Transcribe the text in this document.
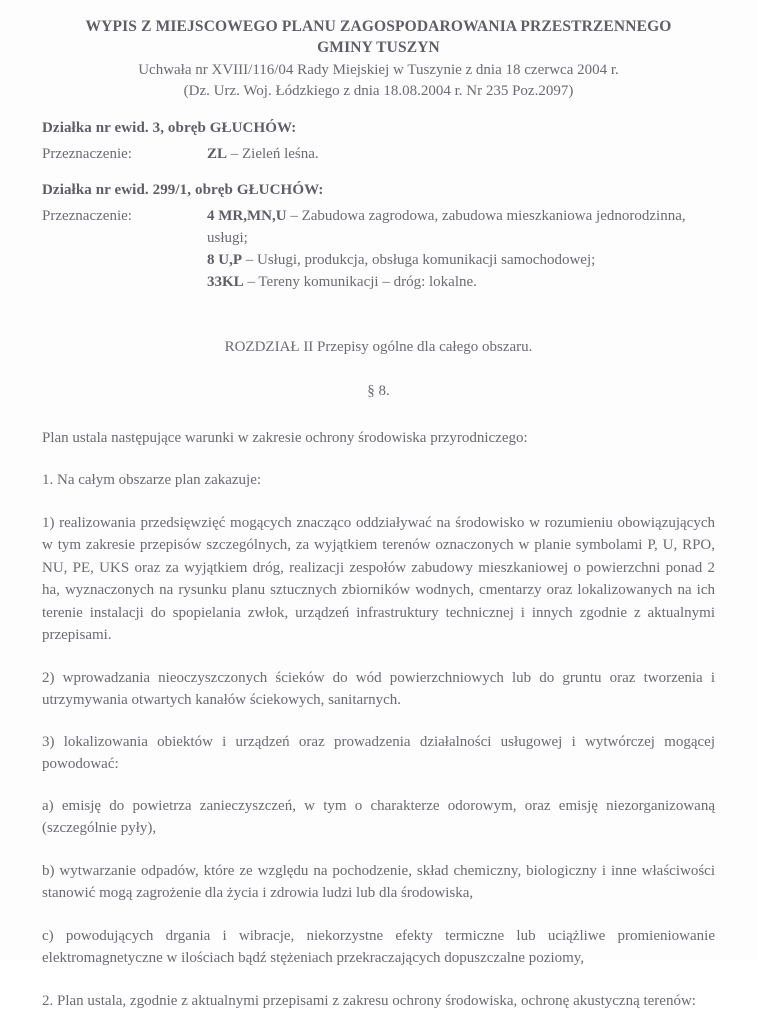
WYPIS Z MIEJSCOWEGO PLANU ZAGOSPODAROWANIA PRZESTRZENNEGO
GMINY TUSZYN
Uchwała nr XVIII/116/04 Rady Miejskiej w Tuszynie z dnia 18 czerwca 2004 r.
(Dz. Urz. Woj. Łódzkiego z dnia 18.08.2004 r. Nr 235 Poz.2097)
Działka nr ewid. 3, obręb GŁUCHÓW:
Przeznaczenie:	ZL – Zieleń leśna.
Działka nr ewid. 299/1, obręb GŁUCHÓW:
Przeznaczenie:	4 MR,MN,U – Zabudowa zagrodowa, zabudowa mieszkaniowa jednorodzinna, usługi;
8 U,P – Usługi, produkcja, obsługa komunikacji samochodowej;
33KL – Tereny komunikacji – dróg: lokalne.
ROZDZIAŁ II Przepisy ogólne dla całego obszaru.
§ 8.

Plan ustala następujące warunki w zakresie ochrony środowiska przyrodniczego:

1. Na całym obszarze plan zakazuje:

1) realizowania przedsięwzięć mogących znacząco oddziaływać na środowisko w rozumieniu obowiązujących w tym zakresie przepisów szczególnych, za wyjątkiem terenów oznaczonych w planie symbolami P, U, RPO, NU, PE, UKS oraz za wyjątkiem dróg, realizacji zespołów zabudowy mieszkaniowej o powierzchni ponad 2 ha, wyznaczonych na rysunku planu sztucznych zbiorników wodnych, cmentarzy oraz lokalizowanych na ich terenie instalacji do spopielania zwłok, urządzeń infrastruktury technicznej i innych zgodnie z aktualnymi przepisami.

2) wprowadzania nieoczyszczonych ścieków do wód powierzchniowych lub do gruntu oraz tworzenia i utrzymywania otwartych kanałów ściekowych, sanitarnych.

3) lokalizowania obiektów i urządzeń oraz prowadzenia działalności usługowej i wytwórczej mogącej powodować:

a) emisję do powietrza zanieczyszczeń, w tym o charakterze odorowym, oraz emisję niezorganizowaną (szczególnie pyły),

b) wytwarzanie odpadów, które ze względu na pochodzenie, skład chemiczny, biologiczny i inne właściwości stanowić mogą zagrożenie dla życia i zdrowia ludzi lub dla środowiska,

c) powodujących drgania i wibracje, niekorzystne efekty termiczne lub uciążliwe promieniowanie elektromagnetyczne w ilościach bądź stężeniach przekraczających dopuszczalne poziomy,

2. Plan ustala, zgodnie z aktualnymi przepisami z zakresu ochrony środowiska, ochronę akustyczną terenów:
